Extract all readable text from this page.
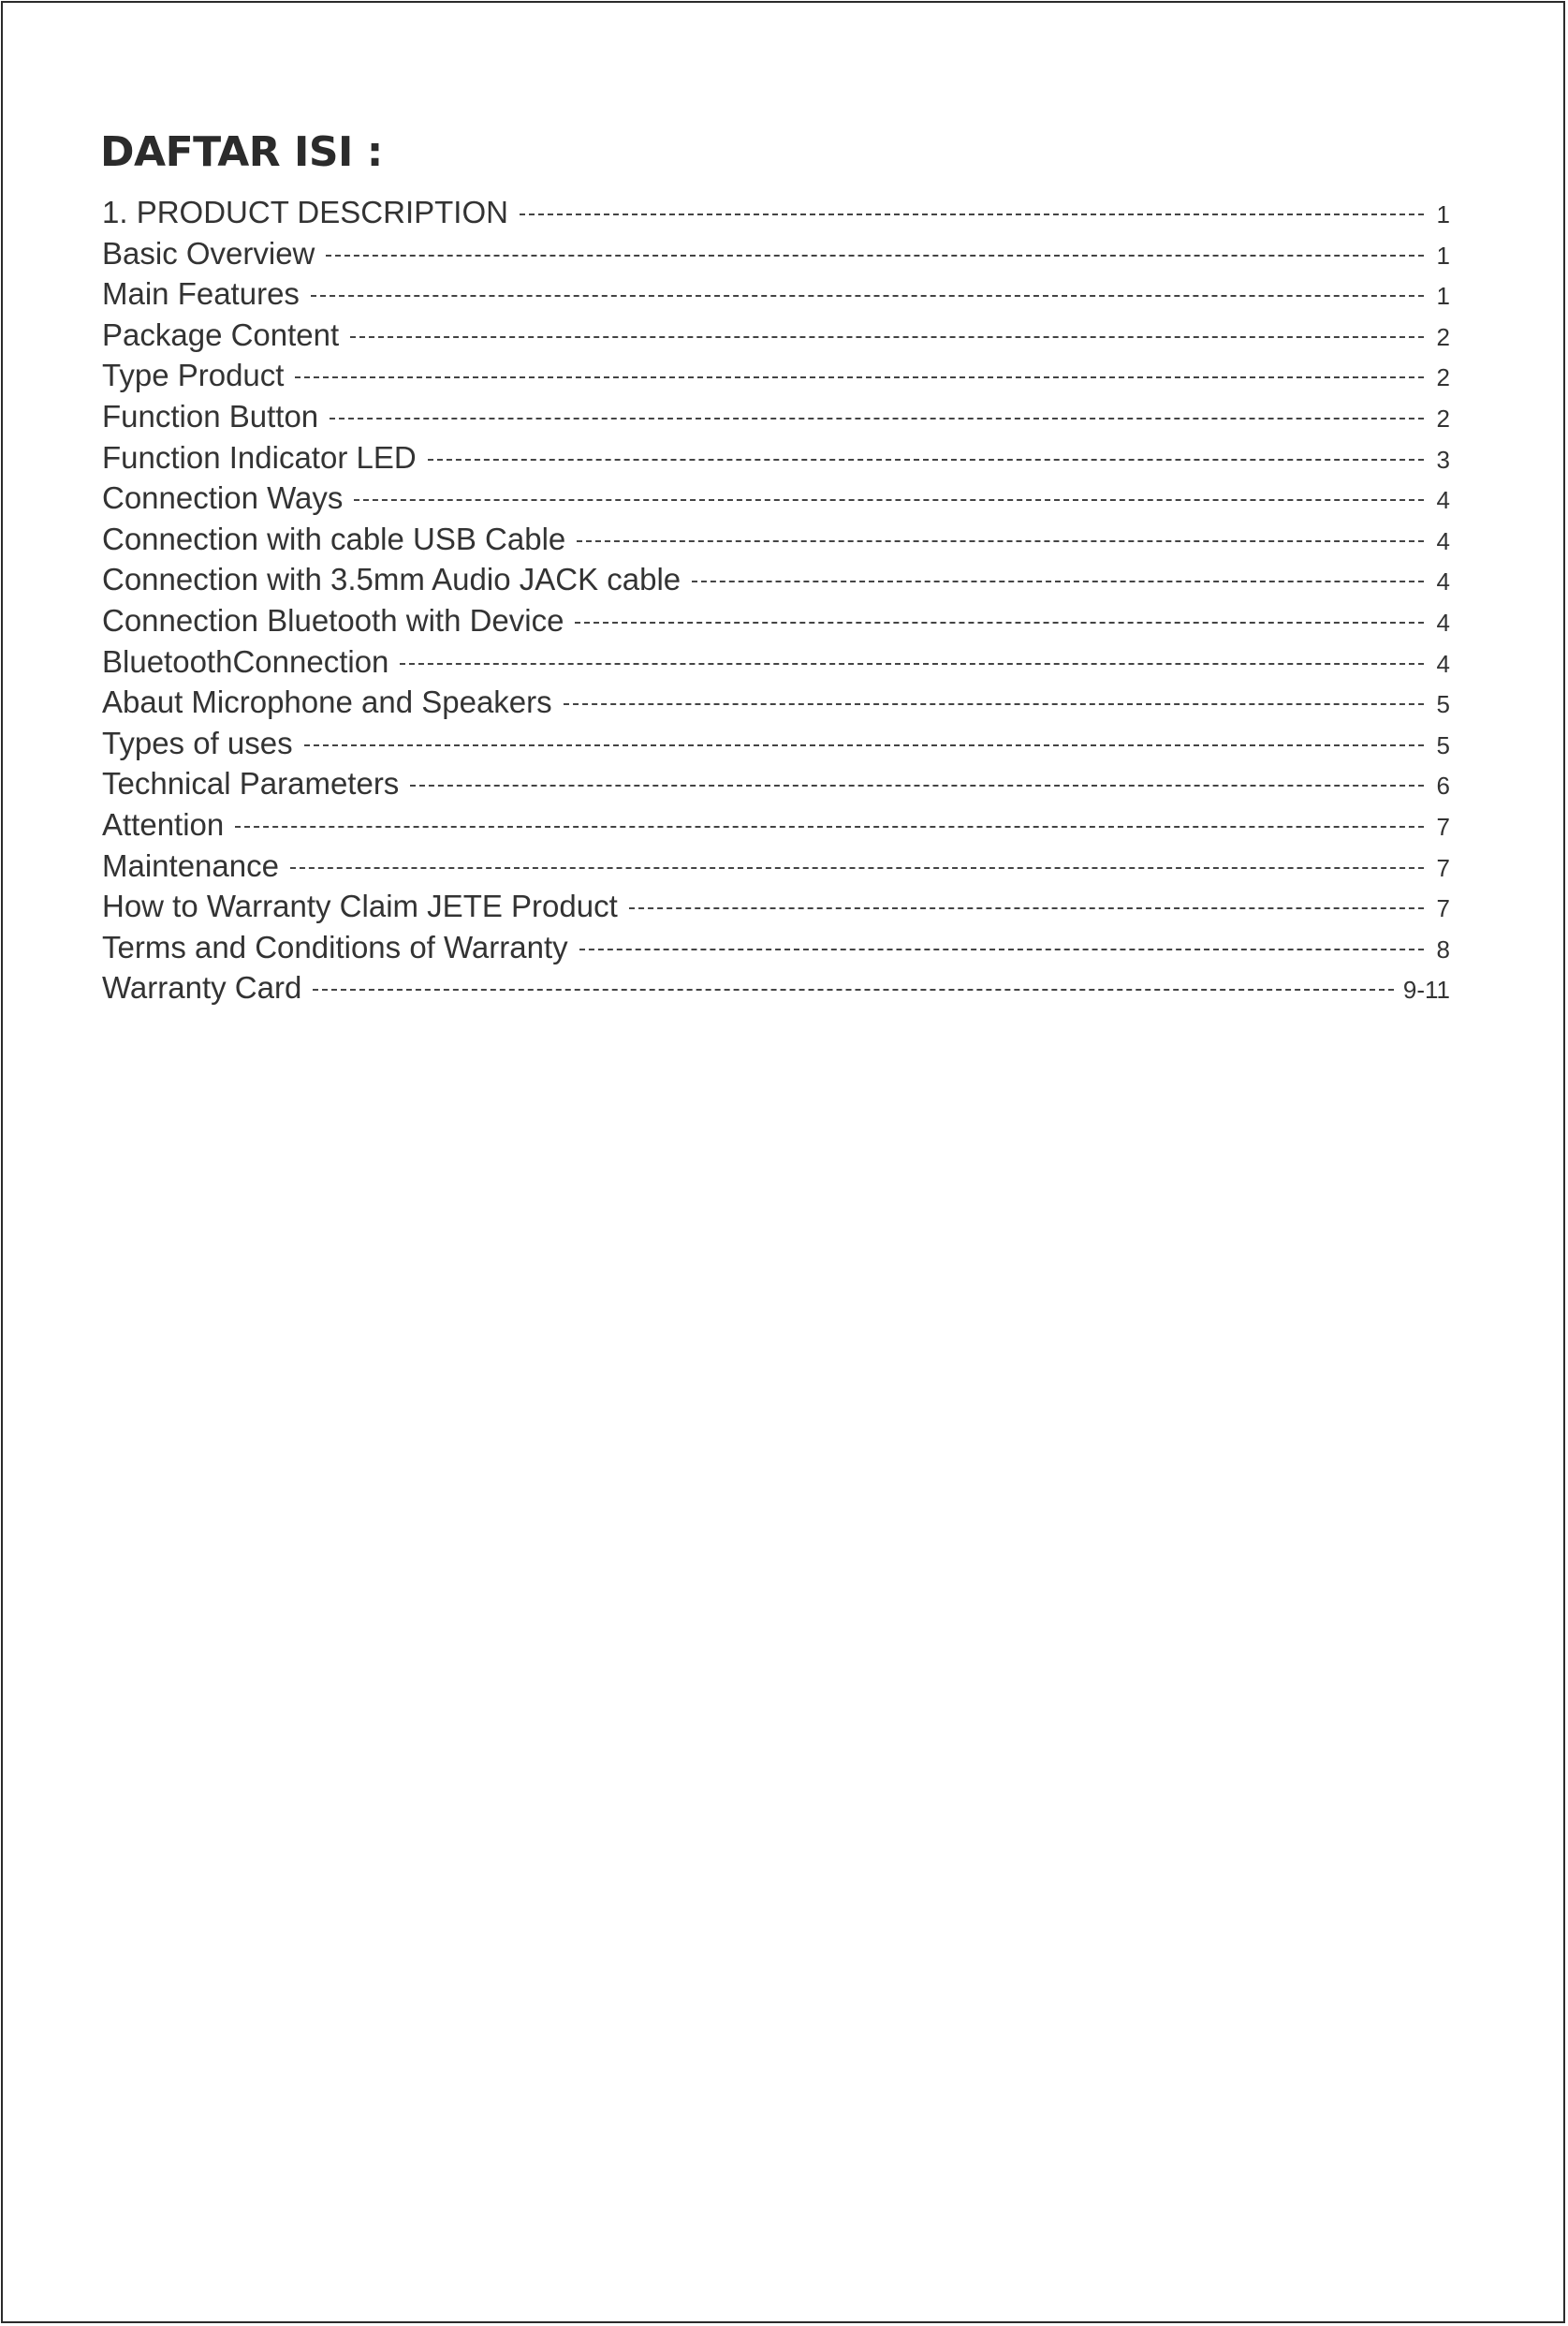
DAFTAR ISI :
1. PRODUCT DESCRIPTION	1
Basic Overview	1
Main Features	1
Package Content	2
Type Product	2
Function Button	2
Function Indicator LED	3
Connection Ways	4
Connection with cable USB Cable	4
Connection with 3.5mm Audio JACK cable	4
Connection Bluetooth with Device	4
BluetoothConnection	4
Abaut Microphone and Speakers	5
Types of uses	5
Technical Parameters	6
Attention	7
Maintenance	7
How to Warranty Claim JETE Product	7
Terms and Conditions of Warranty	8
Warranty Card	9-11
